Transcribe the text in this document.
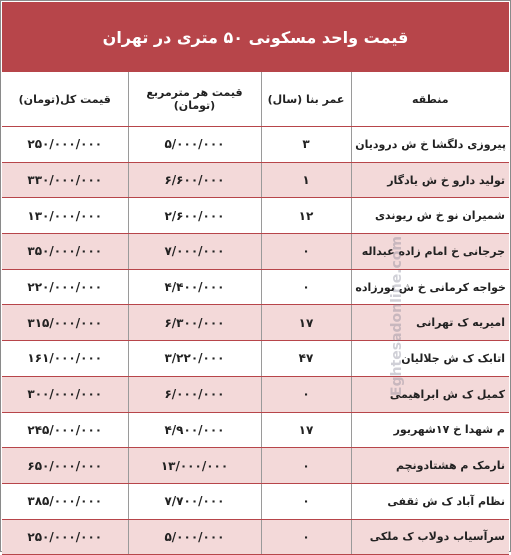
قیمت واحد مسکونی ۵۰ متری در تهران
منطقه	عمر بنا (سال)	قیمت هر مترمربع (تومان)	قیمت کل(تومان)
پیروزی دلگشا خ ش درودیان	۳	۵/۰۰۰/۰۰۰	۲۵۰/۰۰۰/۰۰۰
تولید دارو خ ش یادگار	۱	۶/۶۰۰/۰۰۰	۳۳۰/۰۰۰/۰۰۰
شمیران نو خ ش ریوندی	۱۲	۲/۶۰۰/۰۰۰	۱۳۰/۰۰۰/۰۰۰
جرجانی خ امام زاده عبداله	۰	۷/۰۰۰/۰۰۰	۳۵۰/۰۰۰/۰۰۰
خواجه کرمانی خ ش نورزاده	۰	۴/۴۰۰/۰۰۰	۲۲۰/۰۰۰/۰۰۰
امیریه ک تهرانی	۱۷	۶/۳۰۰/۰۰۰	۳۱۵/۰۰۰/۰۰۰
اتابک ک ش جلالیان	۴۷	۳/۲۲۰/۰۰۰	۱۶۱/۰۰۰/۰۰۰
کمیل ک ش ابراهیمی	۰	۶/۰۰۰/۰۰۰	۳۰۰/۰۰۰/۰۰۰
م شهدا خ ۱۷شهریور	۱۷	۴/۹۰۰/۰۰۰	۲۴۵/۰۰۰/۰۰۰
نارمک م هشتادونچم	۰	۱۳/۰۰۰/۰۰۰	۶۵۰/۰۰۰/۰۰۰
نظام آباد ک ش ثقفی	۰	۷/۷۰۰/۰۰۰	۳۸۵/۰۰۰/۰۰۰
سرآسیاب دولاب ک ملکی	۰	۵/۰۰۰/۰۰۰	۲۵۰/۰۰۰/۰۰۰
Eghtesadonline.com
